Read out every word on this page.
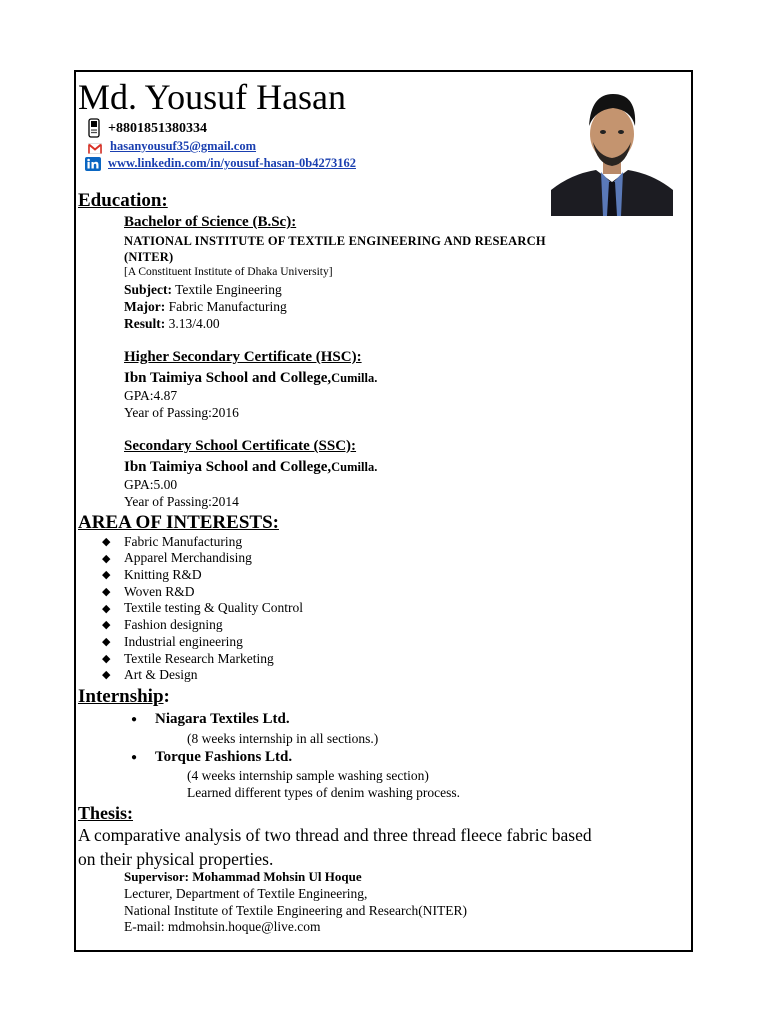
Md. Yousuf Hasan
+8801851380334
hasanyousuf35@gmail.com
www.linkedin.com/in/yousuf-hasan-0b4273162
Education:
Bachelor of Science (B.Sc):
NATIONAL INSTITUTE OF TEXTILE ENGINEERING AND RESEARCH
(NITER)
[A Constituent Institute of Dhaka University]
Subject: Textile Engineering
Major: Fabric Manufacturing
Result: 3.13/4.00
Higher Secondary Certificate (HSC):
Ibn Taimiya School and College,Cumilla.
GPA:4.87
Year of Passing:2016
Secondary School Certificate (SSC):
Ibn Taimiya School and College,Cumilla.
GPA:5.00
Year of Passing:2014
AREA OF INTERESTS:
◆ Fabric Manufacturing
◆ Apparel Merchandising
◆ Knitting R&D
◆ Woven R&D
◆ Textile testing & Quality Control
◆ Fashion designing
◆ Industrial engineering
◆ Textile Research Marketing
◆ Art & Design
Internship:
● Niagara Textiles Ltd.
(8 weeks internship in all sections.)
● Torque Fashions Ltd.
(4 weeks internship sample washing section)
Learned different types of denim washing process.
Thesis:
A comparative analysis of two thread and three thread fleece fabric based
on their physical properties.
Supervisor: Mohammad Mohsin Ul Hoque
Lecturer, Department of Textile Engineering,
National Institute of Textile Engineering and Research(NITER)
E-mail: mdmohsin.hoque@live.com
